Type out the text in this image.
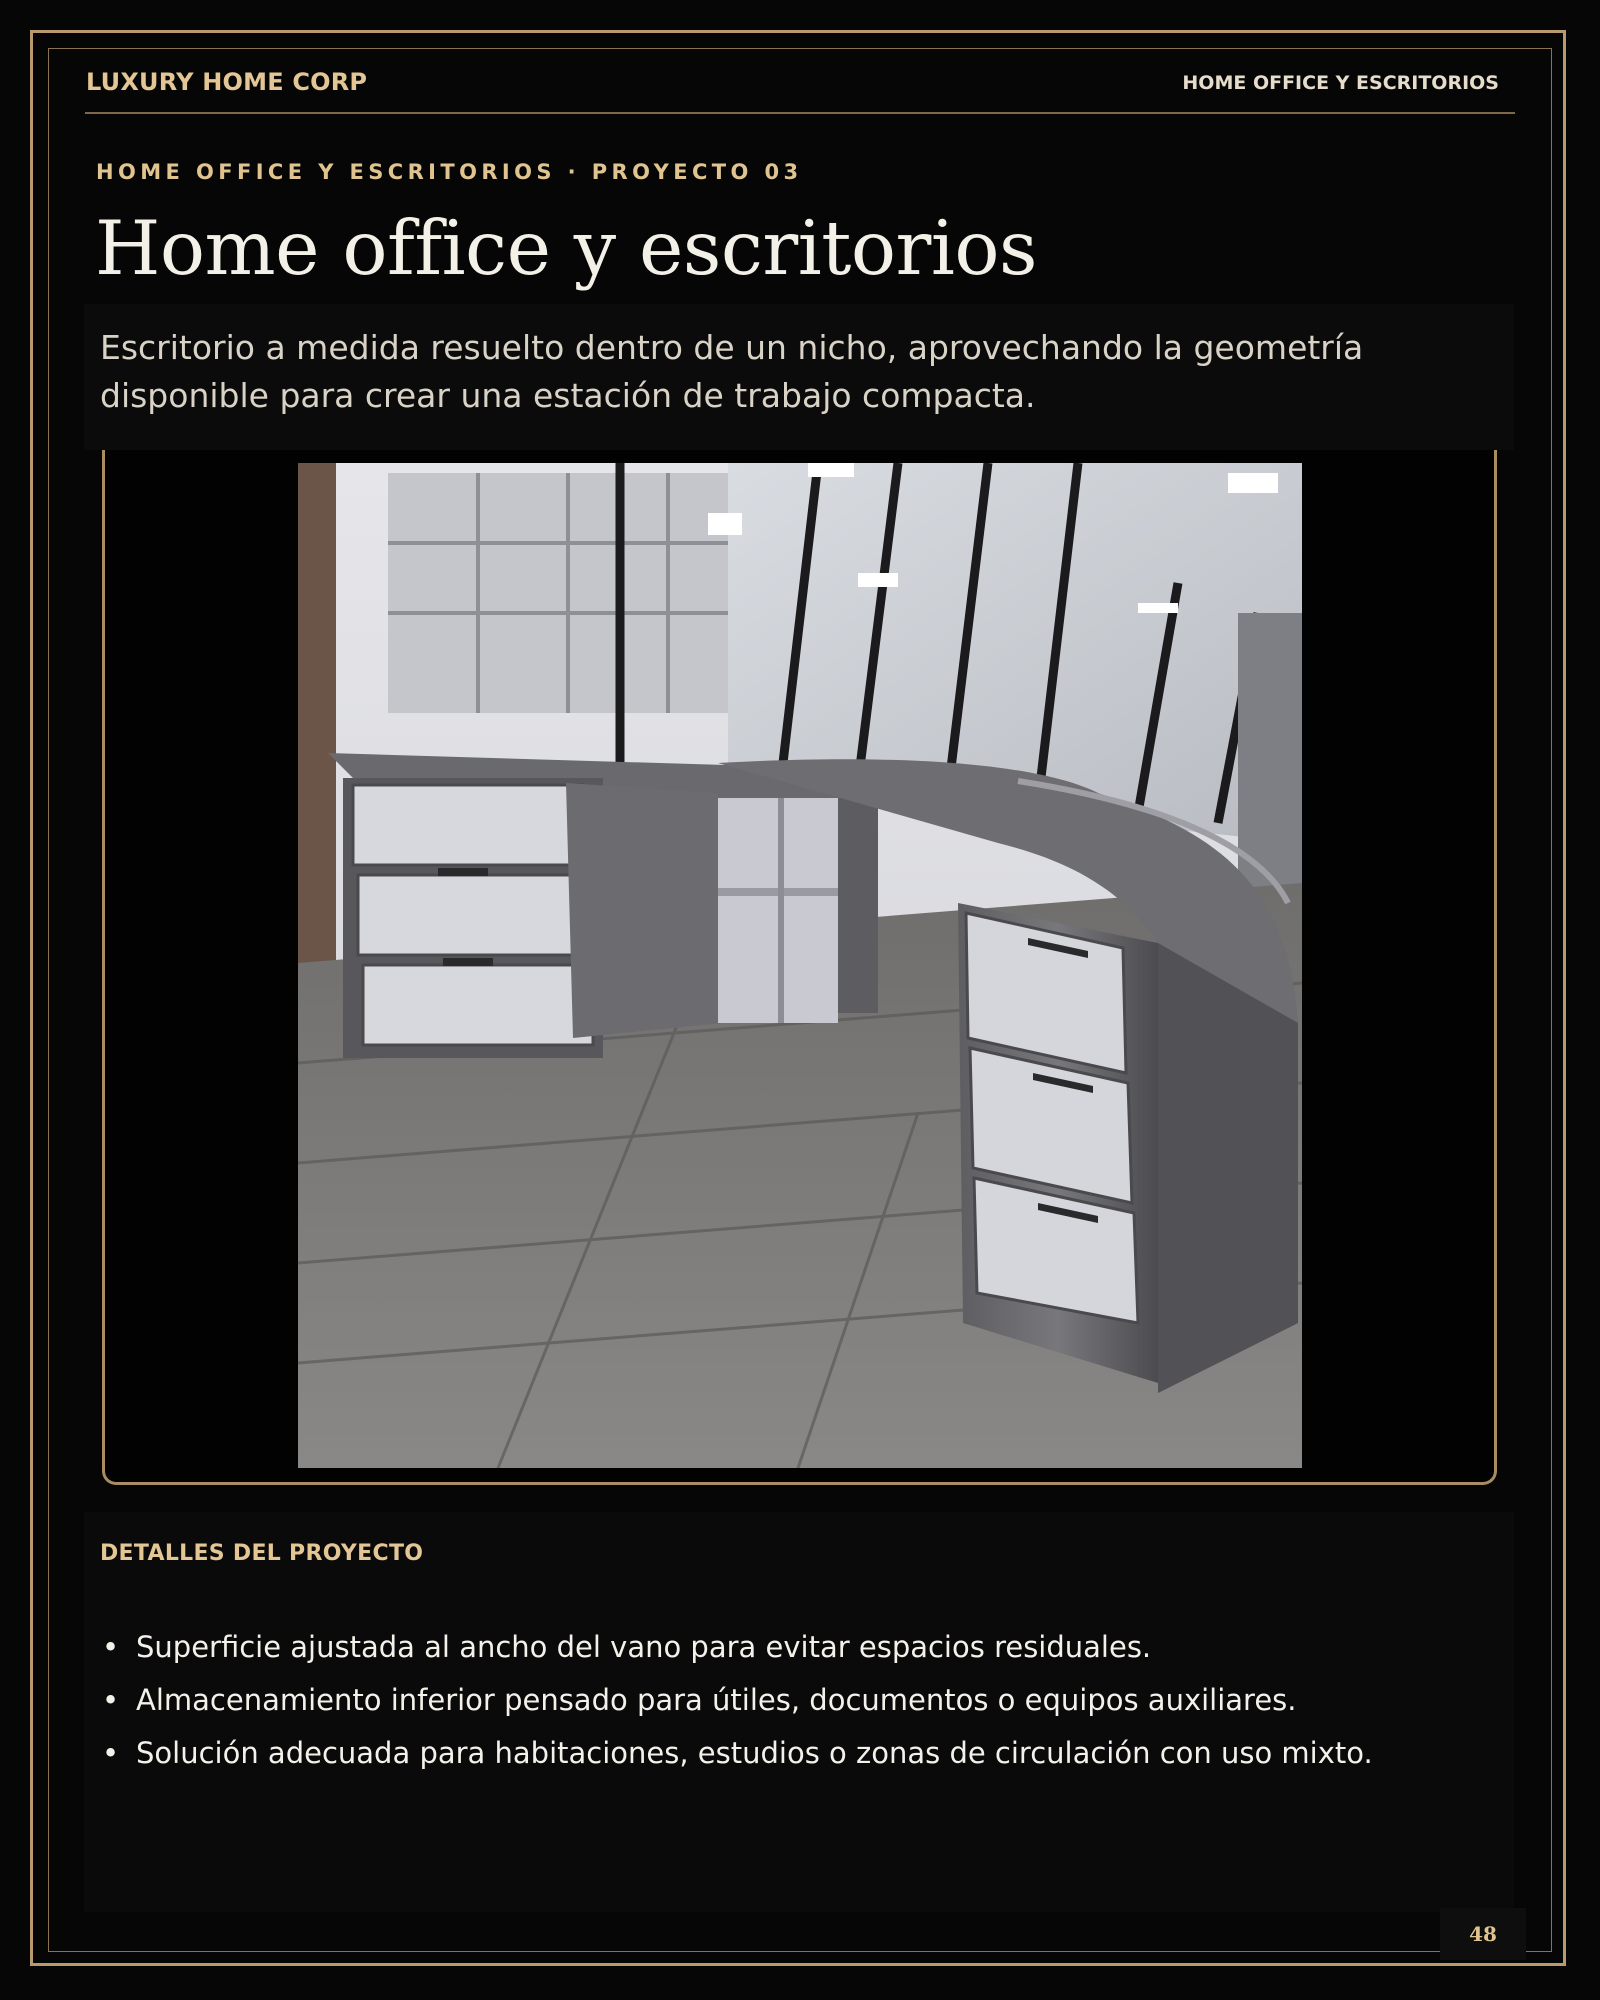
LUXURY HOME CORP	HOME OFFICE Y ESCRITORIOS
HOME OFFICE Y ESCRITORIOS · PROYECTO 03
Home office y escritorios
Escritorio a medida resuelto dentro de un nicho, aprovechando la geometría disponible para crear una estación de trabajo compacta.
DETALLES DEL PROYECTO
• Superficie ajustada al ancho del vano para evitar espacios residuales.
• Almacenamiento inferior pensado para útiles, documentos o equipos auxiliares.
• Solución adecuada para habitaciones, estudios o zonas de circulación con uso mixto.
48
